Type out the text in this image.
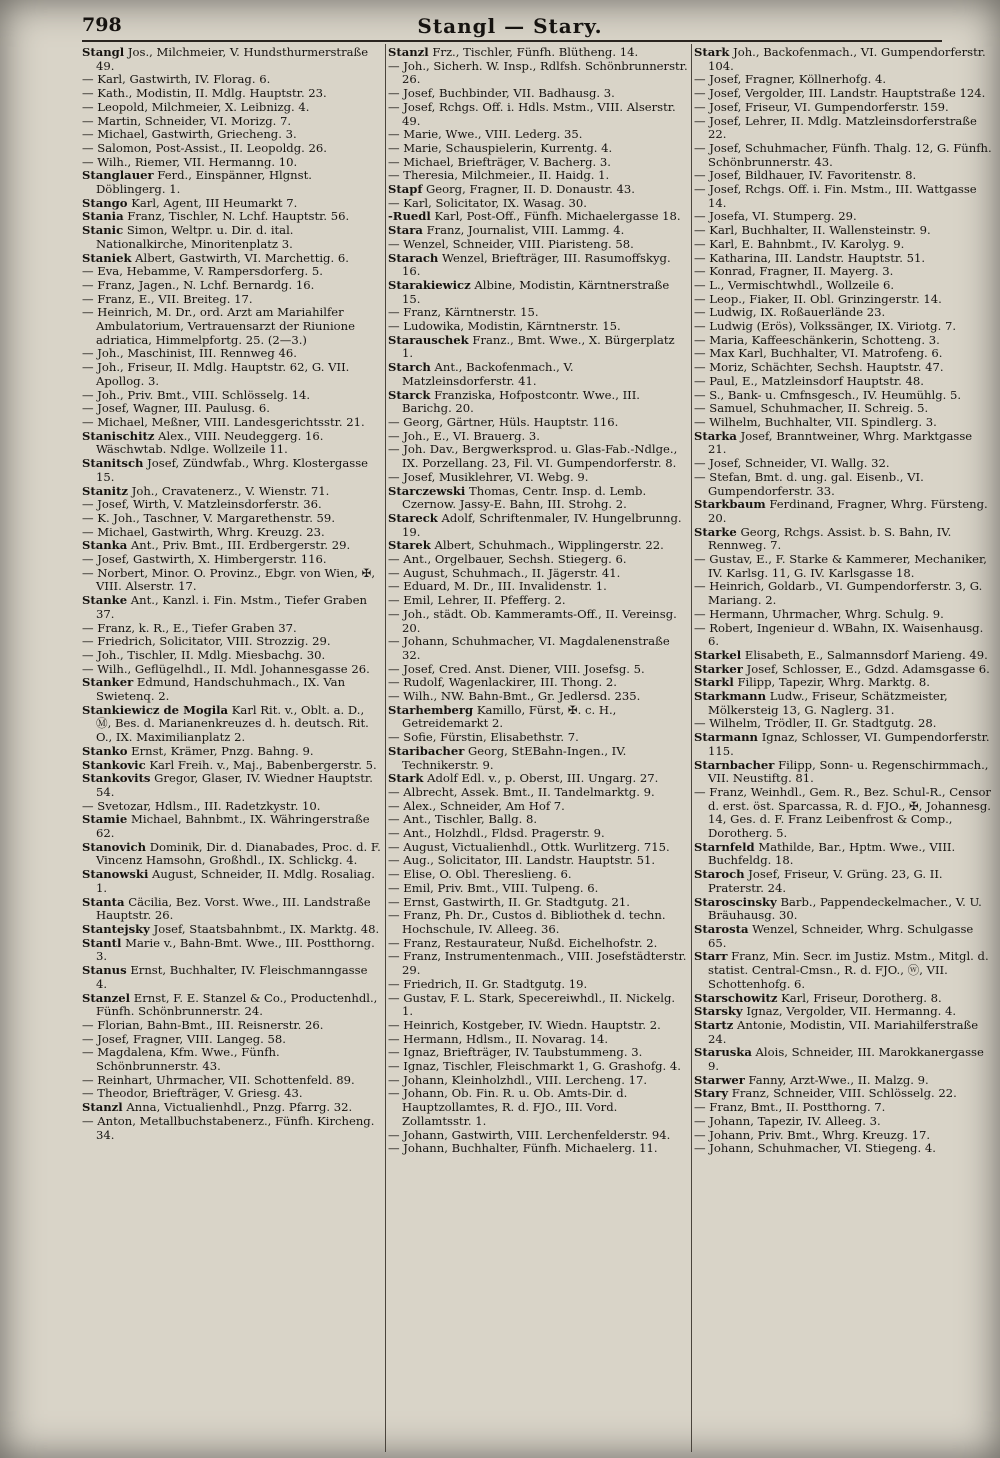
798	Stangl — Stary.

Stangl Jos., Milchmeier, V. Hundsthurmerstraße 49.

— Karl, Gastwirth, IV. Florag. 6.

— Kath., Modistin, II. Mdlg. Hauptstr. 23.

— Leopold, Milchmeier, X. Leibnizg. 4.

— Martin, Schneider, VI. Morizg. 7.

— Michael, Gastwirth, Griecheng. 3.

— Salomon, Post-Assist., II. Leopoldg. 26.

— Wilh., Riemer, VII. Hermanng. 10.

Stanglauer Ferd., Einspänner, Hlgnst. Döblingerg. 1.

Stango Karl, Agent, III Heumarkt 7.

Stania Franz, Tischler, N. Lchf. Hauptstr. 56.

Stanic Simon, Weltpr. u. Dir. d. ital. Nationalkirche, Minoritenplatz 3.

Staniek Albert, Gastwirth, VI. Marchettig. 6.

— Eva, Hebamme, V. Rampersdorferg. 5.

— Franz, Jagen., N. Lchf. Bernardg. 16.

— Franz, E., VII. Breiteg. 17.

— Heinrich, M. Dr., ord. Arzt am Mariahilfer Ambulatorium, Vertrauensarzt der Riunione adriatica, Himmelpfortg. 25. (2—3.)

— Joh., Maschinist, III. Rennweg 46.

— Joh., Friseur, II. Mdlg. Hauptstr. 62, G. VII. Apollog. 3.

— Joh., Priv. Bmt., VIII. Schlösselg. 14.

— Josef, Wagner, III. Paulusg. 6.

— Michael, Meßner, VIII. Landesgerichtsstr. 21.

Stanischitz Alex., VIII. Neudeggerg. 16. Wäschwtab. Ndlge. Wollzeile 11.

Stanitsch Josef, Zündwfab., Whrg. Klostergasse 15.

Stanitz Joh., Cravatenerz., V. Wienstr. 71.

— Josef, Wirth, V. Matzleinsdorferstr. 36.

— K. Joh., Taschner, V. Margarethenstr. 59.

— Michael, Gastwirth, Whrg. Kreuzg. 23.

Stanka Ant., Priv. Bmt., III. Erdbergerstr. 29.

— Josef, Gastwirth, X. Himbergerstr. 116.

— Norbert, Minor. O. Provinz., Ebgr. von Wien, ✠, VIII. Alserstr. 17.

Stanke Ant., Kanzl. i. Fin. Mstm., Tiefer Graben 37.

— Franz, k. R., E., Tiefer Graben 37.

— Friedrich, Solicitator, VIII. Strozzig. 29.

— Joh., Tischler, II. Mdlg. Miesbachg. 30.

— Wilh., Geflügelhdl., II. Mdl. Johannesgasse 26.

Stanker Edmund, Handschuhmach., IX. Van Swietenq. 2.

Stankiewicz de Mogila Karl Rit. v., Oblt. a. D., Ⓜ, Bes. d. Marianenkreuzes d. h. deutsch. Rit. O., IX. Maximilianplatz 2.

Stanko Ernst, Krämer, Pnzg. Bahng. 9.

Stankovic Karl Freih. v., Maj., Babenbergerstr. 5.

Stankovits Gregor, Glaser, IV. Wiedner Hauptstr. 54.

— Svetozar, Hdlsm., III. Radetzkystr. 10.

Stamie Michael, Bahnbmt., IX. Währingerstraße 62.

Stanovich Dominik, Dir. d. Dianabades, Proc. d. F. Vincenz Hamsohn, Großhdl., IX. Schlickg. 4.

Stanowski August, Schneider, II. Mdlg. Rosaliag. 1.

Stanta Cäcilia, Bez. Vorst. Wwe., III. Landstraße Hauptstr. 26.

Stantejsky Josef, Staatsbahnbmt., IX. Marktg. 48.

Stantl Marie v., Bahn-Bmt. Wwe., III. Postthorng. 3.

Stanus Ernst, Buchhalter, IV. Fleischmanngasse 4.

Stanzel Ernst, F. E. Stanzel & Co., Productenhdl., Fünfh. Schönbrunnerstr. 24.

— Florian, Bahn-Bmt., III. Reisnerstr. 26.

— Josef, Fragner, VIII. Langeg. 58.

— Magdalena, Kfm. Wwe., Fünfh. Schönbrunnerstr. 43.

— Reinhart, Uhrmacher, VII. Schottenfeld. 89.

— Theodor, Briefträger, V. Griesg. 43.

Stanzl Anna, Victualienhdl., Pnzg. Pfarrg. 32.

— Anton, Metallbuchstabenerz., Fünfh. Kircheng. 34.

Stanzl Frz., Tischler, Fünfh. Blütheng. 14.

— Joh., Sicherh. W. Insp., Rdlfsh. Schönbrunnerstr. 26.

— Josef, Buchbinder, VII. Badhausg. 3.

— Josef, Rchgs. Off. i. Hdls. Mstm., VIII. Alserstr. 49.

— Marie, Wwe., VIII. Lederg. 35.

— Marie, Schauspielerin, Kurrentg. 4.

— Michael, Briefträger, V. Bacherg. 3.

— Theresia, Milchmeier., II. Haidg. 1.

Stapf Georg, Fragner, II. D. Donaustr. 43.

— Karl, Solicitator, IX. Wasag. 30.

-Ruedl Karl, Post-Off., Fünfh. Michaelergasse 18.

Stara Franz, Journalist, VIII. Lammg. 4.

— Wenzel, Schneider, VIII. Piaristeng. 58.

Starach Wenzel, Briefträger, III. Rasumoffskyg. 16.

Starakiewicz Albine, Modistin, Kärntnerstraße 15.

— Franz, Kärntnerstr. 15.

— Ludowika, Modistin, Kärntnerstr. 15.

Starauschek Franz., Bmt. Wwe., X. Bürgerplatz 1.

Starch Ant., Backofenmach., V. Matzleinsdorferstr. 41.

Starck Franziska, Hofpostcontr. Wwe., III. Barichg. 20.

— Georg, Gärtner, Hüls. Hauptstr. 116.

— Joh., E., VI. Brauerg. 3.

— Joh. Dav., Bergwerksprod. u. Glas-Fab.-Ndlge., IX. Porzellang. 23, Fil. VI. Gumpendorferstr. 8.

— Josef, Musiklehrer, VI. Webg. 9.

Starczewski Thomas, Centr. Insp. d. Lemb. Czernow. Jassy-E. Bahn, III. Strohg. 2.

Stareck Adolf, Schriftenmaler, IV. Hungelbrunng. 19.

Starek Albert, Schuhmach., Wipplingerstr. 22.

— Ant., Orgelbauer, Sechsh. Stiegerg. 6.

— August, Schuhmach., II. Jägerstr. 41.

— Eduard, M. Dr., III. Invalidenstr. 1.

— Emil, Lehrer, II. Pfefferg. 2.

— Joh., städt. Ob. Kammeramts-Off., II. Vereinsg. 20.

— Johann, Schuhmacher, VI. Magdalenenstraße 32.

— Josef, Cred. Anst. Diener, VIII. Josefsg. 5.

— Rudolf, Wagenlackirer, III. Thong. 2.

— Wilh., NW. Bahn-Bmt., Gr. Jedlersd. 235.

Starhemberg Kamillo, Fürst, ✠. c. H., Getreidemarkt 2.

— Sofie, Fürstin, Elisabethstr. 7.

Staribacher Georg, StEBahn-Ingen., IV. Technikerstr. 9.

Stark Adolf Edl. v., p. Oberst, III. Ungarg. 27.

— Albrecht, Assek. Bmt., II. Tandelmarktg. 9.

— Alex., Schneider, Am Hof 7.

— Ant., Tischler, Ballg. 8.

— Ant., Holzhdl., Fldsd. Pragerstr. 9.

— August, Victualienhdl., Ottk. Wurlitzerg. 715.

— Aug., Solicitator, III. Landstr. Hauptstr. 51.

— Elise, O. Obl. Thereslieng. 6.

— Emil, Priv. Bmt., VIII. Tulpeng. 6.

— Ernst, Gastwirth, II. Gr. Stadtgutg. 21.

— Franz, Ph. Dr., Custos d. Bibliothek d. techn. Hochschule, IV. Alleeg. 36.

— Franz, Restaurateur, Nußd. Eichelhofstr. 2.

— Franz, Instrumentenmach., VIII. Josefstädterstr. 29.

— Friedrich, II. Gr. Stadtgutg. 19.

— Gustav, F. L. Stark, Specereiwhdl., II. Nickelg. 1.

— Heinrich, Kostgeber, IV. Wiedn. Hauptstr. 2.

— Hermann, Hdlsm., II. Novarag. 14.

— Ignaz, Briefträger, IV. Taubstummeng. 3.

— Ignaz, Tischler, Fleischmarkt 1, G. Grashofg. 4.

— Johann, Kleinholzhdl., VIII. Lercheng. 17.

— Johann, Ob. Fin. R. u. Ob. Amts-Dir. d. Hauptzollamtes, R. d. FJO., III. Vord. Zollamtsstr. 1.

— Johann, Gastwirth, VIII. Lerchenfelderstr. 94.

— Johann, Buchhalter, Fünfh. Michaelerg. 11.

Stark Joh., Backofenmach., VI. Gumpendorferstr. 104.

— Josef, Fragner, Köllnerhofg. 4.

— Josef, Vergolder, III. Landstr. Hauptstraße 124.

— Josef, Friseur, VI. Gumpendorferstr. 159.

— Josef, Lehrer, II. Mdlg. Matzleinsdorferstraße 22.

— Josef, Schuhmacher, Fünfh. Thalg. 12, G. Fünfh. Schönbrunnerstr. 43.

— Josef, Bildhauer, IV. Favoritenstr. 8.

— Josef, Rchgs. Off. i. Fin. Mstm., III. Wattgasse 14.

— Josefa, VI. Stumperg. 29.

— Karl, Buchhalter, II. Wallensteinstr. 9.

— Karl, E. Bahnbmt., IV. Karolyg. 9.

— Katharina, III. Landstr. Hauptstr. 51.

— Konrad, Fragner, II. Mayerg. 3.

— L., Vermischtwhdl., Wollzeile 6.

— Leop., Fiaker, II. Obl. Grinzingerstr. 14.

— Ludwig, IX. Roßauerlände 23.

— Ludwig (Erös), Volkssänger, IX. Viriotg. 7.

— Maria, Kaffeeschänkerin, Schotteng. 3.

— Max Karl, Buchhalter, VI. Matrofeng. 6.

— Moriz, Schächter, Sechsh. Hauptstr. 47.

— Paul, E., Matzleinsdorf Hauptstr. 48.

— S., Bank- u. Cmfnsgesch., IV. Heumühlg. 5.

— Samuel, Schuhmacher, II. Schreig. 5.

— Wilhelm, Buchhalter, VII. Spindlerg. 3.

Starka Josef, Branntweiner, Whrg. Marktgasse 21.

— Josef, Schneider, VI. Wallg. 32.

— Stefan, Bmt. d. ung. gal. Eisenb., VI. Gumpendorferstr. 33.

Starkbaum Ferdinand, Fragner, Whrg. Fürsteng. 20.

Starke Georg, Rchgs. Assist. b. S. Bahn, IV. Rennweg. 7.

— Gustav, E., F. Starke & Kammerer, Mechaniker, IV. Karlsg. 11, G. IV. Karlsgasse 18.

— Heinrich, Goldarb., VI. Gumpendorferstr. 3, G. Mariang. 2.

— Hermann, Uhrmacher, Whrg. Schulg. 9.

— Robert, Ingenieur d. WBahn, IX. Waisenhausg. 6.

Starkel Elisabeth, E., Salmannsdorf Marieng. 49.

Starker Josef, Schlosser, E., Gdzd. Adamsgasse 6.

Starkl Filipp, Tapezir, Whrg. Marktg. 8.

Starkmann Ludw., Friseur, Schätzmeister, Mölkersteig 13, G. Naglerg. 31.

— Wilhelm, Trödler, II. Gr. Stadtgutg. 28.

Starmann Ignaz, Schlosser, VI. Gumpendorferstr. 115.

Starnbacher Filipp, Sonn- u. Regenschirmmach., VII. Neustiftg. 81.

— Franz, Weinhdl., Gem. R., Bez. Schul-R., Censor d. erst. öst. Sparcassa, R. d. FJO., ✠, Johannesg. 14, Ges. d. F. Franz Leibenfrost & Comp., Dorotherg. 5.

Starnfeld Mathilde, Bar., Hptm. Wwe., VIII. Buchfeldg. 18.

Staroch Josef, Friseur, V. Grüng. 23, G. II. Praterstr. 24.

Staroscinsky Barb., Pappendeckelmacher., V. U. Bräuhausg. 30.

Starosta Wenzel, Schneider, Whrg. Schulgasse 65.

Starr Franz, Min. Secr. im Justiz. Mstm., Mitgl. d. statist. Central-Cmsn., R. d. FJO., ⓦ, VII. Schottenhofg. 6.

Starschowitz Karl, Friseur, Dorotherg. 8.

Starsky Ignaz, Vergolder, VII. Hermanng. 4.

Startz Antonie, Modistin, VII. Mariahilferstraße 24.

Staruska Alois, Schneider, III. Marokkanergasse 9.

Starwer Fanny, Arzt-Wwe., II. Malzg. 9.

Stary Franz, Schneider, VIII. Schlösselg. 22.

— Franz, Bmt., II. Postthorng. 7.

— Johann, Tapezir, IV. Alleeg. 3.

— Johann, Priv. Bmt., Whrg. Kreuzg. 17.

— Johann, Schuhmacher, VI. Stiegeng. 4.
